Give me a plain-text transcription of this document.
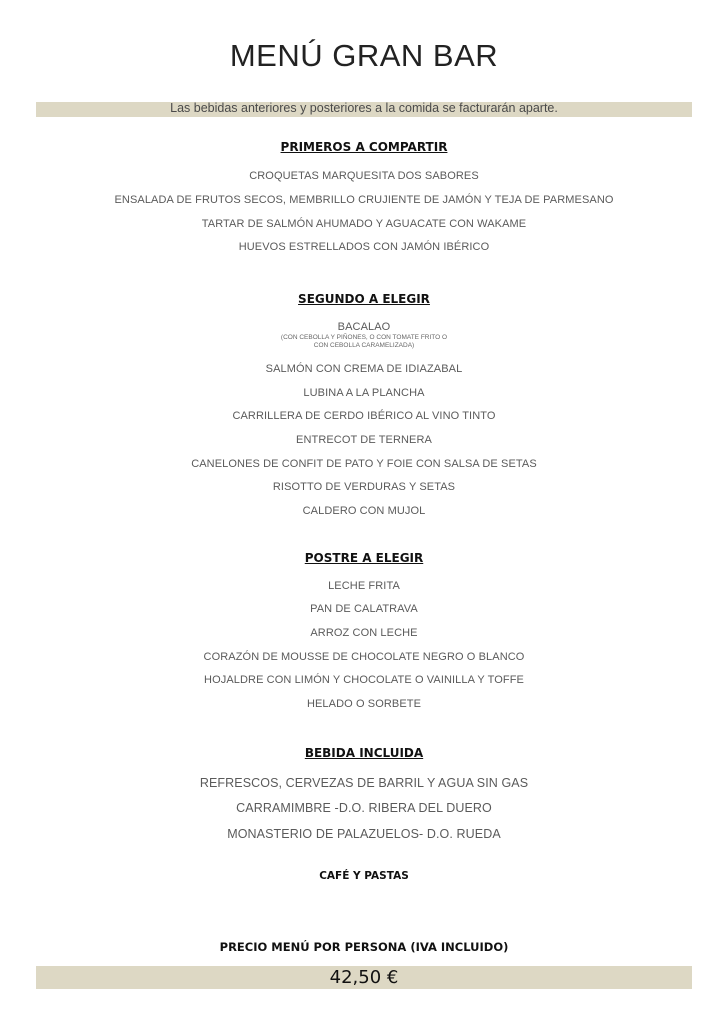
MENÚ GRAN BAR
Las bebidas anteriores y posteriores a la comida se facturarán aparte.
PRIMEROS A COMPARTIR
CROQUETAS MARQUESITA DOS SABORES
ENSALADA DE FRUTOS SECOS, MEMBRILLO CRUJIENTE DE JAMÓN Y TEJA DE PARMESANO
TARTAR DE SALMÓN AHUMADO Y AGUACATE CON WAKAME
HUEVOS ESTRELLADOS CON JAMÓN IBÉRICO
SEGUNDO A ELEGIR
BACALAO
(CON CEBOLLA Y PIÑONES, O CON TOMATE FRITO O
CON CEBOLLA CARAMELIZADA)
SALMÓN CON CREMA DE IDIAZABAL
LUBINA A LA PLANCHA
CARRILLERA DE CERDO IBÉRICO AL VINO TINTO
ENTRECOT DE TERNERA
CANELONES DE CONFIT DE PATO Y FOIE CON SALSA DE SETAS
RISOTTO DE VERDURAS Y SETAS
CALDERO CON MUJOL
POSTRE A ELEGIR
LECHE FRITA
PAN DE CALATRAVA
ARROZ CON LECHE
CORAZÓN DE MOUSSE DE CHOCOLATE NEGRO O BLANCO
HOJALDRE CON LIMÓN Y CHOCOLATE O VAINILLA Y TOFFE
HELADO O SORBETE
BEBIDA INCLUIDA
REFRESCOS, CERVEZAS DE BARRIL Y AGUA SIN GAS
CARRAMIMBRE -D.O. RIBERA DEL DUERO
MONASTERIO DE PALAZUELOS- D.O. RUEDA
CAFÉ Y PASTAS
PRECIO MENÚ POR PERSONA (IVA INCLUIDO)
42,50 €
